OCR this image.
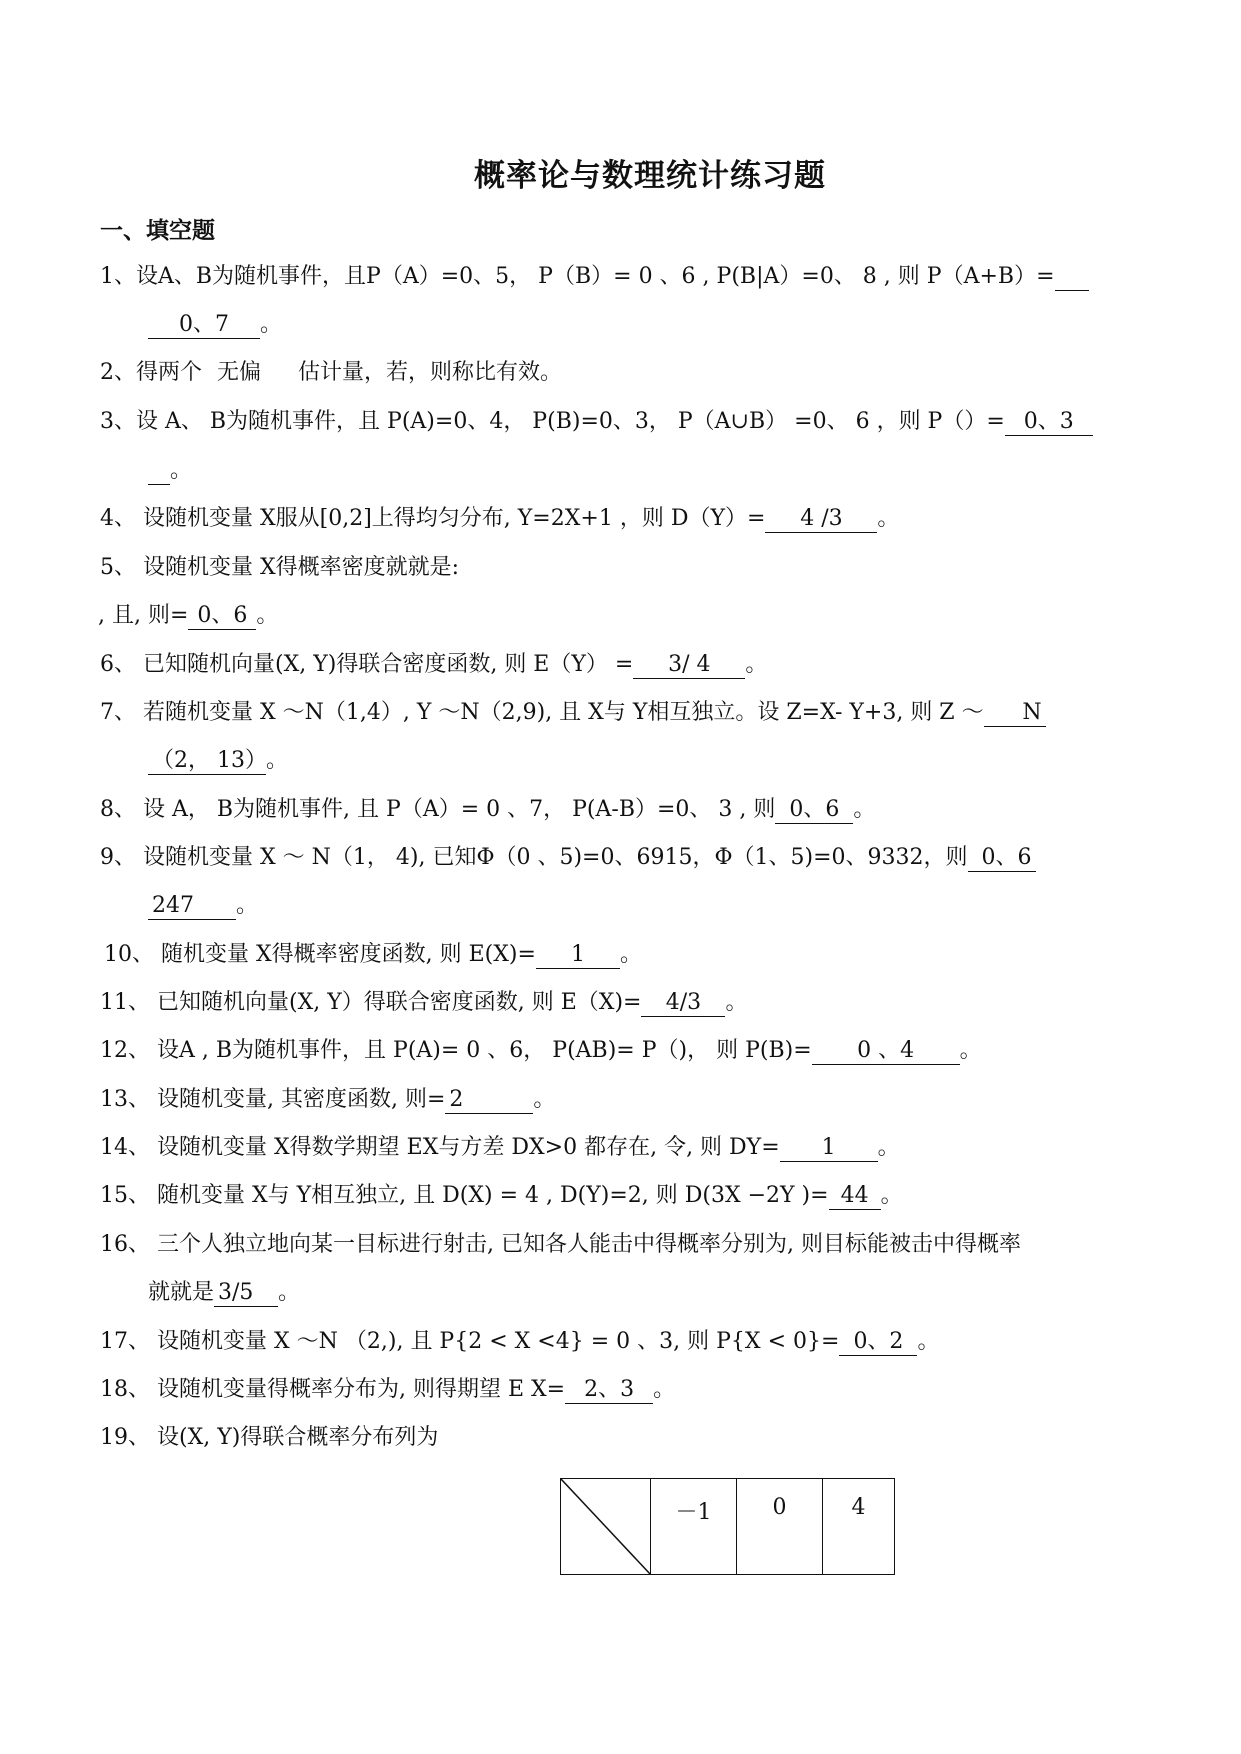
概率论与数理统计练习题
一、填空题
1、设A、B为随机事件，且P（A）=0、5， P（B）= 0 、6 , P(B|A）=0、 8 , 则 P（A+B）=
0、7 。
2、得两个 无偏 估计量，若，则称比有效。
3、设 A、 B为随机事件，且 P(A)=0、4， P(B)=0、3， P（A∪B） =0、 6 ，则 P（）= 0、3
。
4、 设随机变量 X服从[0,2]上得均匀分布, Y=2X+1 ，则 D（Y）= 4 /3 。
5、 设随机变量 X得概率密度就就是:
, 且, 则= 0、6 。
6、 已知随机向量(X, Y)得联合密度函数, 则 E（Y） = 3/ 4 。
7、 若随机变量 X ～N（1,4）, Y ～N（2,9), 且 X与 Y相互独立。设 Z=X- Y+3, 则 Z ～ N
（2， 13）。
8、 设 A， B为随机事件, 且 P（A）= 0 、7， P(A-B）=0、 3 , 则 0、6 。
9、 设随机变量 X ～ N（1， 4), 已知Φ（0 、5)=0、6915，Φ（1、5)=0、9332，则 0、6
247 。
10、 随机变量 X得概率密度函数, 则 E(X)= 1 。
11、 已知随机向量(X, Y）得联合密度函数, 则 E（X)= 4/3 。
12、 设A , B为随机事件，且 P(A)= 0 、6， P(AB)= P（)， 则 P(B)= 0 、4 。
13、 设随机变量, 其密度函数, 则= 2	。
14、 设随机变量 X得数学期望 EX与方差 DX>0 都存在, 令, 则 DY= 1 。
15、 随机变量 X与 Y相互独立, 且 D(X) = 4 , D(Y)=2, 则 D(3X −2Y )= 44 。
16、 三个人独立地向某一目标进行射击, 已知各人能击中得概率分别为, 则目标能被击中得概率
就就是 3/5 。
17、 设随机变量 X ～N （2,), 且 P{2 < X <4} = 0 、3, 则 P{X < 0}= 0、2 。
18、 设随机变量得概率分布为, 则得期望 E X= 2、3 。
19、 设(X, Y)得联合概率分布列为
	－1	0	4
